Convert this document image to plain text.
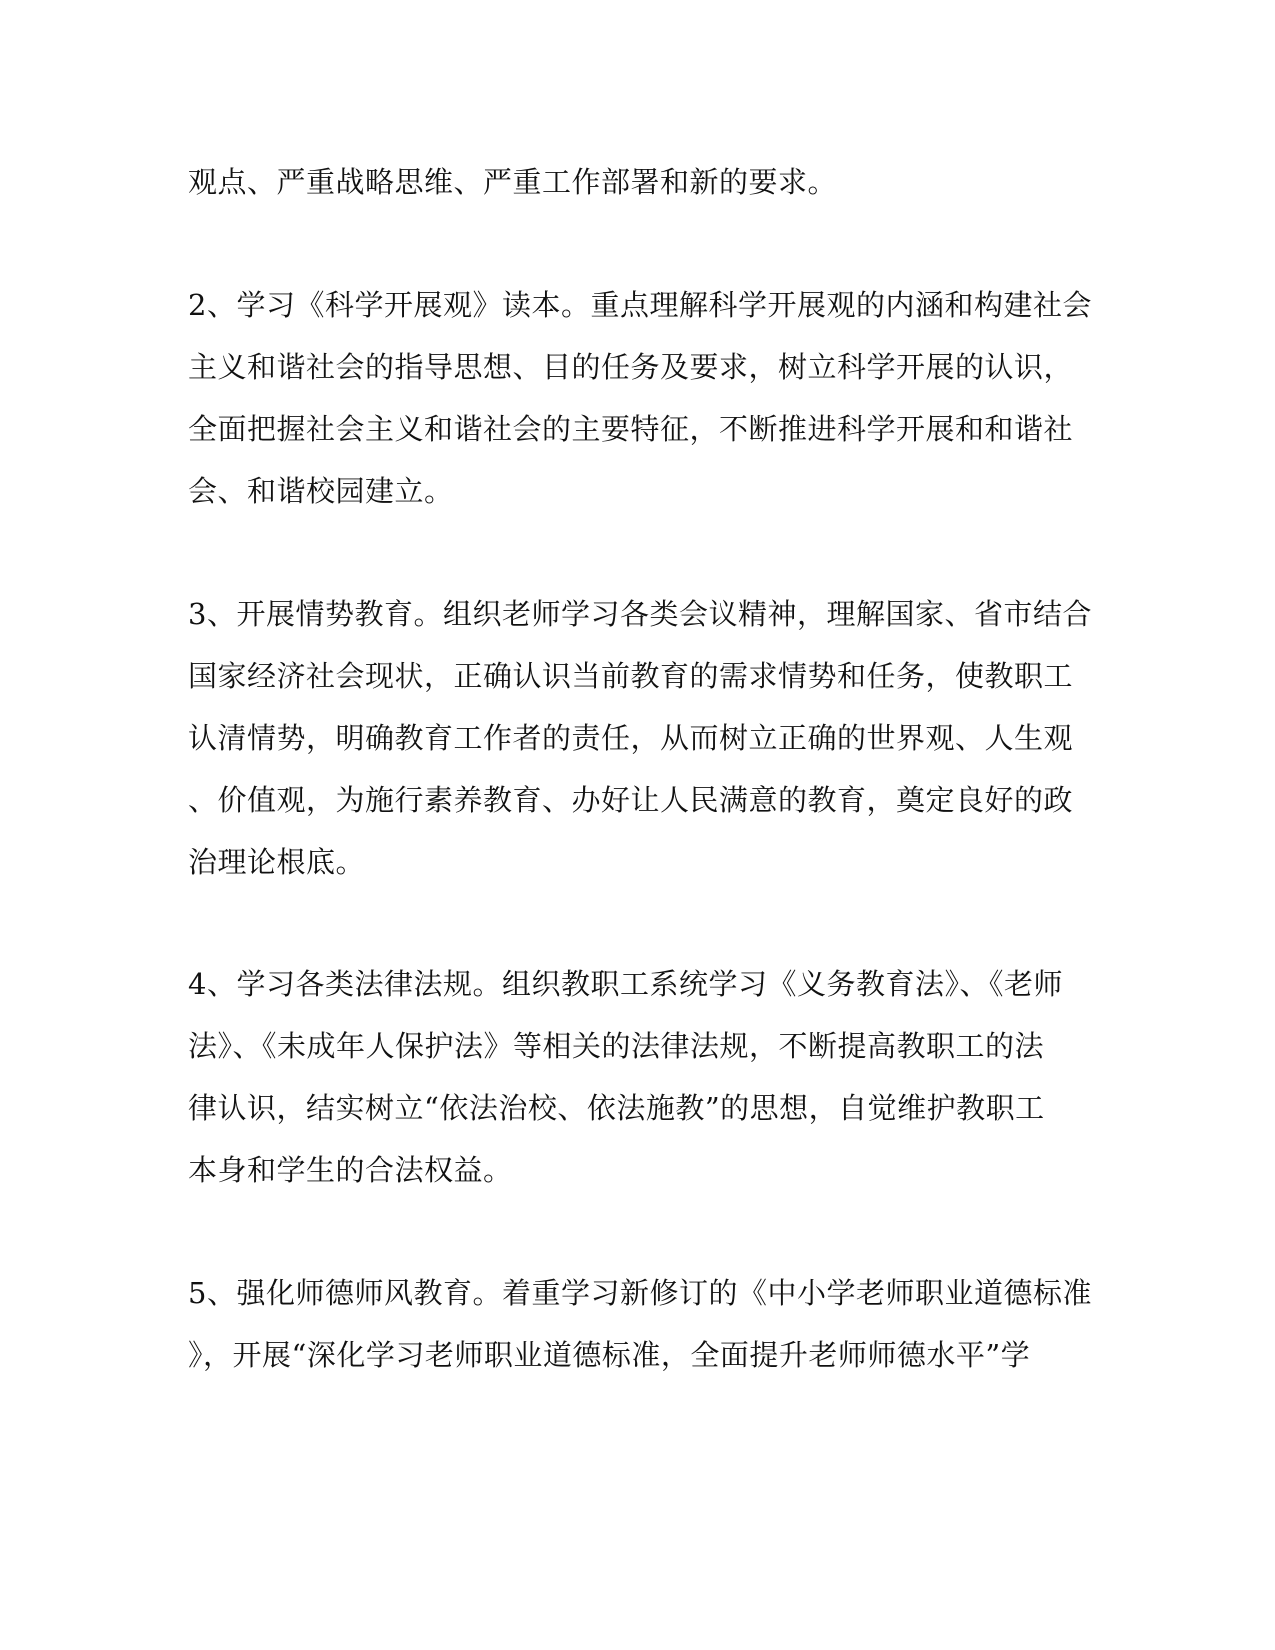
观点、严重战略思维、严重工作部署和新的要求。
2、学习《科学开展观》读本。重点理解科学开展观的内涵和构建社会
主义和谐社会的指导思想、目的任务及要求，树立科学开展的认识，
全面把握社会主义和谐社会的主要特征，不断推进科学开展和和谐社
会、和谐校园建立。
3、开展情势教育。组织老师学习各类会议精神，理解国家、省市结合
国家经济社会现状，正确认识当前教育的需求情势和任务，使教职工
认清情势，明确教育工作者的责任，从而树立正确的世界观、人生观
、价值观，为施行素养教育、办好让人民满意的教育，奠定良好的政
治理论根底。
4、学习各类法律法规。组织教职工系统学习《义务教育法》、《老师
法》、《未成年人保护法》等相关的法律法规，不断提高教职工的法
律认识，结实树立“依法治校、依法施教”的思想，自觉维护教职工
本身和学生的合法权益。
5、强化师德师风教育。着重学习新修订的《中小学老师职业道德标准
》，开展“深化学习老师职业道德标准，全面提升老师师德水平”学
